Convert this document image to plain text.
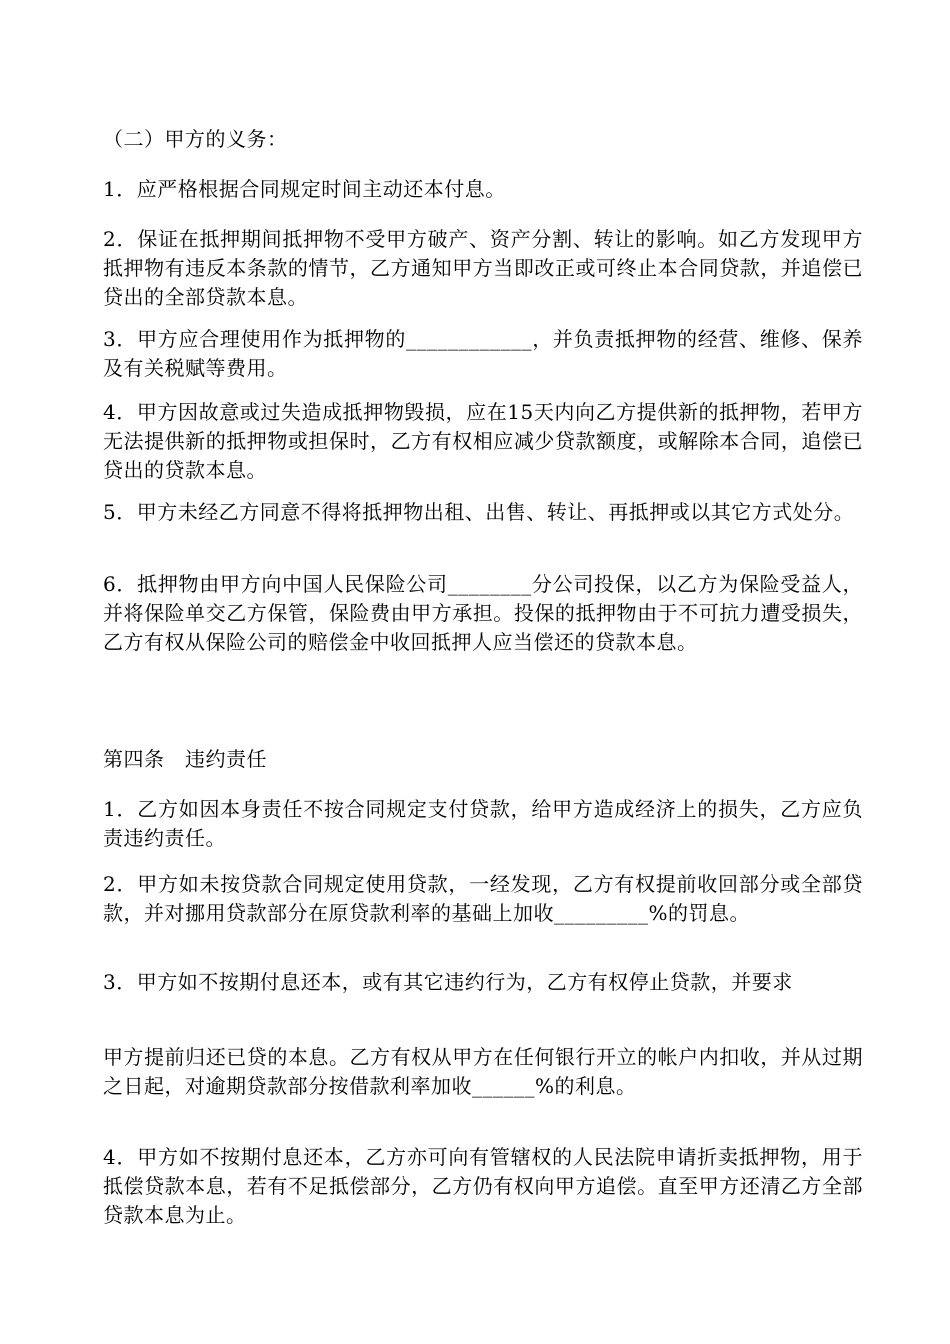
（二）甲方的义务：

1．应严格根据合同规定时间主动还本付息。

2．保证在抵押期间抵押物不受甲方破产、资产分割、转让的影响。如乙方发现甲方抵押物有违反本条款的情节，乙方通知甲方当即改正或可终止本合同贷款，并追偿已贷出的全部贷款本息。

3．甲方应合理使用作为抵押物的____________，并负责抵押物的经营、维修、保养及有关税赋等费用。

4．甲方因故意或过失造成抵押物毁损，应在15天内向乙方提供新的抵押物，若甲方无法提供新的抵押物或担保时，乙方有权相应减少贷款额度，或解除本合同，追偿已贷出的贷款本息。

5．甲方未经乙方同意不得将抵押物出租、出售、转让、再抵押或以其它方式处分。

6．抵押物由甲方向中国人民保险公司________分公司投保，以乙方为保险受益人，并将保险单交乙方保管，保险费由甲方承担。投保的抵押物由于不可抗力遭受损失，乙方有权从保险公司的赔偿金中收回抵押人应当偿还的贷款本息。

第四条　违约责任

1．乙方如因本身责任不按合同规定支付贷款，给甲方造成经济上的损失，乙方应负责违约责任。

2．甲方如未按贷款合同规定使用贷款，一经发现，乙方有权提前收回部分或全部贷款，并对挪用贷款部分在原贷款利率的基础上加收_________%的罚息。

3．甲方如不按期付息还本，或有其它违约行为，乙方有权停止贷款，并要求

甲方提前归还已贷的本息。乙方有权从甲方在任何银行开立的帐户内扣收，并从过期之日起，对逾期贷款部分按借款利率加收______%的利息。

4．甲方如不按期付息还本，乙方亦可向有管辖权的人民法院申请折卖抵押物，用于抵偿贷款本息，若有不足抵偿部分，乙方仍有权向甲方追偿。直至甲方还清乙方全部贷款本息为止。
